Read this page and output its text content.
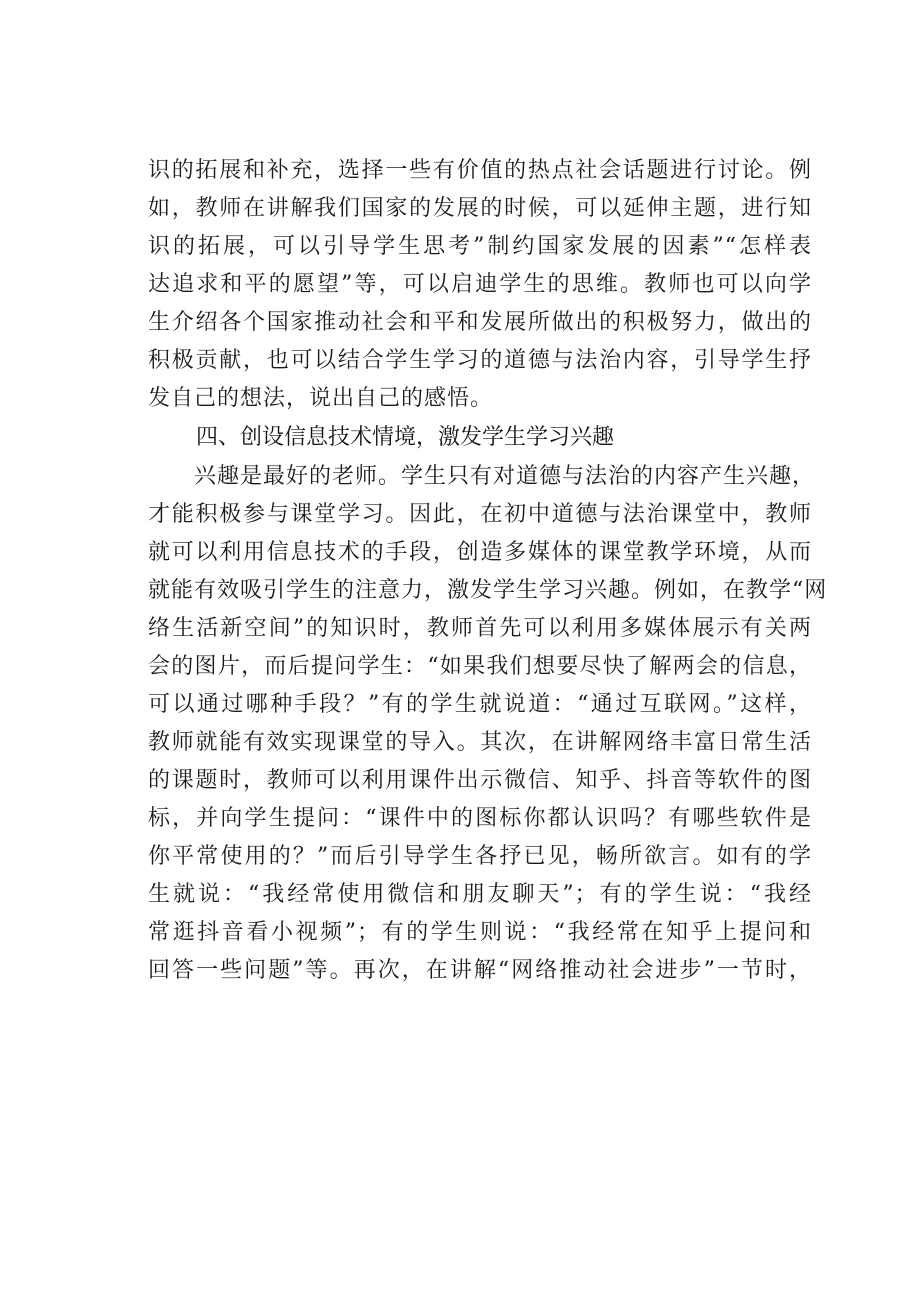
识的拓展和补充，选择一些有价值的热点社会话题进行讨论。例
如，教师在讲解我们国家的发展的时候，可以延伸主题，进行知
识的拓展，可以引导学生思考”制约国家发展的因素”“怎样表
达追求和平的愿望”等，可以启迪学生的思维。教师也可以向学
生介绍各个国家推动社会和平和发展所做出的积极努力，做出的
积极贡献，也可以结合学生学习的道德与法治内容，引导学生抒
发自己的想法，说出自己的感悟。
四、创设信息技术情境，激发学生学习兴趣
　　兴趣是最好的老师。学生只有对道德与法治的内容产生兴趣，
才能积极参与课堂学习。因此，在初中道德与法治课堂中，教师
就可以利用信息技术的手段，创造多媒体的课堂教学环境，从而
就能有效吸引学生的注意力，激发学生学习兴趣。例如，在教学“网
络生活新空间”的知识时，教师首先可以利用多媒体展示有关两
会的图片，而后提问学生：“如果我们想要尽快了解两会的信息，
可以通过哪种手段？”有的学生就说道：“通过互联网。”这样，
教师就能有效实现课堂的导入。其次，在讲解网络丰富日常生活
的课题时，教师可以利用课件出示微信、知乎、抖音等软件的图
标，并向学生提问：“课件中的图标你都认识吗？有哪些软件是
你平常使用的？”而后引导学生各抒已见，畅所欲言。如有的学
生就说：“我经常使用微信和朋友聊天”；有的学生说：“我经
常逛抖音看小视频”；有的学生则说：“我经常在知乎上提问和
回答一些问题”等。再次，在讲解“网络推动社会进步”一节时，
